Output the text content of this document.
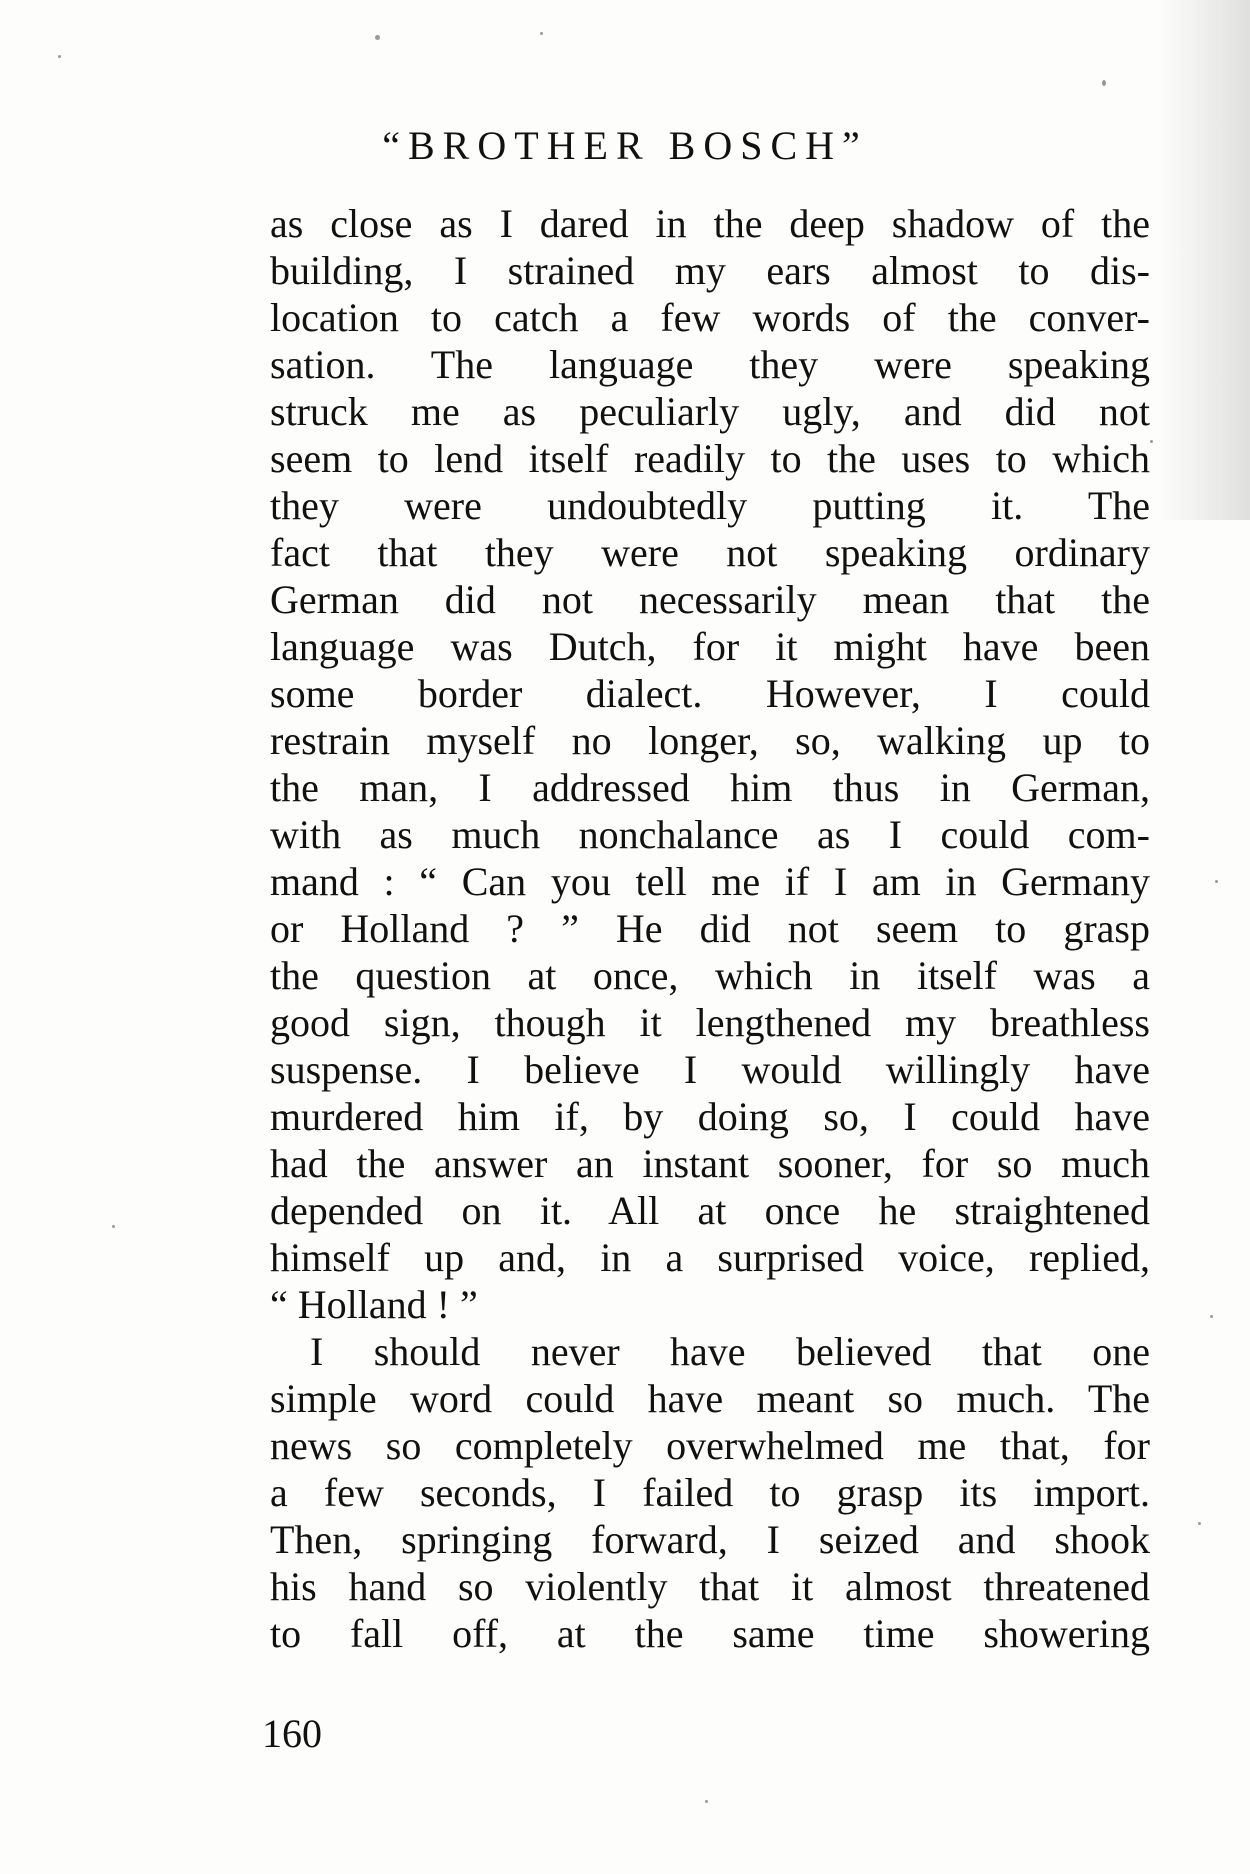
“BROTHER BOSCH”

as close as I dared in the deep shadow of the
building, I strained my ears almost to dis-
location to catch a few words of the conver-
sation. The language they were speaking
struck me as peculiarly ugly, and did not
seem to lend itself readily to the uses to which
they were undoubtedly putting it. The
fact that they were not speaking ordinary
German did not necessarily mean that the
language was Dutch, for it might have been
some border dialect. However, I could
restrain myself no longer, so, walking up to
the man, I addressed him thus in German,
with as much nonchalance as I could com-
mand : “ Can you tell me if I am in Germany
or Holland ? ” He did not seem to grasp
the question at once, which in itself was a
good sign, though it lengthened my breathless
suspense. I believe I would willingly have
murdered him if, by doing so, I could have
had the answer an instant sooner, for so much
depended on it. All at once he straightened
himself up and, in a surprised voice, replied,
“ Holland ! ”

I should never have believed that one
simple word could have meant so much. The
news so completely overwhelmed me that, for
a few seconds, I failed to grasp its import.
Then, springing forward, I seized and shook
his hand so violently that it almost threatened
to fall off, at the same time showering

160
